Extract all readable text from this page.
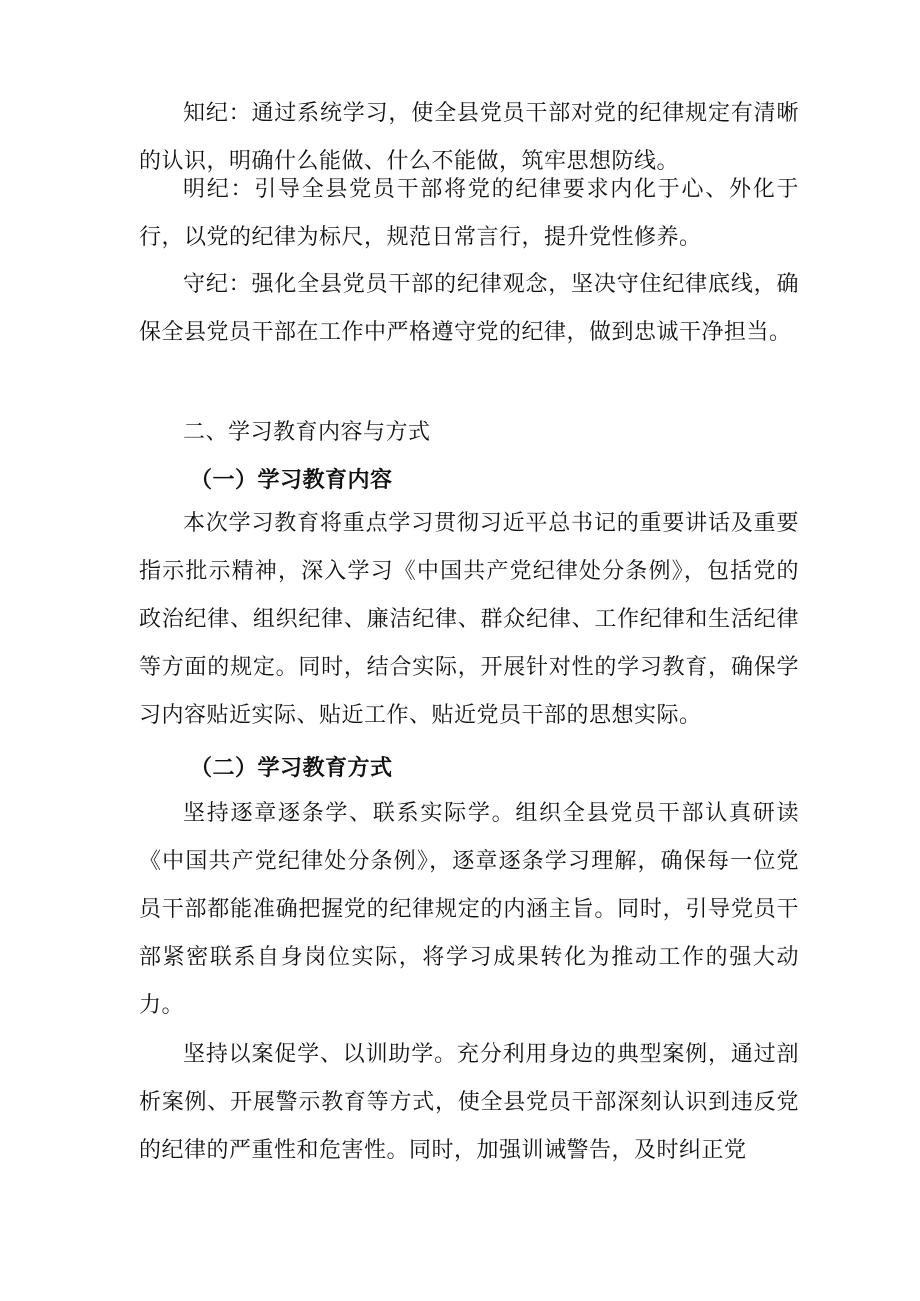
知纪：通过系统学习，使全县党员干部对党的纪律规定有清晰的认识，明确什么能做、什么不能做，筑牢思想防线。

明纪：引导全县党员干部将党的纪律要求内化于心、外化于行，以党的纪律为标尺，规范日常言行，提升党性修养。

守纪：强化全县党员干部的纪律观念，坚决守住纪律底线，确保全县党员干部在工作中严格遵守党的纪律，做到忠诚干净担当。

二、学习教育内容与方式
（一）学习教育内容

本次学习教育将重点学习贯彻习近平总书记的重要讲话及重要指示批示精神，深入学习《中国共产党纪律处分条例》，包括党的政治纪律、组织纪律、廉洁纪律、群众纪律、工作纪律和生活纪律等方面的规定。同时，结合实际，开展针对性的学习教育，确保学习内容贴近实际、贴近工作、贴近党员干部的思想实际。

（二）学习教育方式

坚持逐章逐条学、联系实际学。组织全县党员干部认真研读《中国共产党纪律处分条例》，逐章逐条学习理解，确保每一位党员干部都能准确把握党的纪律规定的内涵主旨。同时，引导党员干部紧密联系自身岗位实际，将学习成果转化为推动工作的强大动力。

坚持以案促学、以训助学。充分利用身边的典型案例，通过剖析案例、开展警示教育等方式，使全县党员干部深刻认识到违反党的纪律的严重性和危害性。同时，加强训诫警告，及时纠正党
